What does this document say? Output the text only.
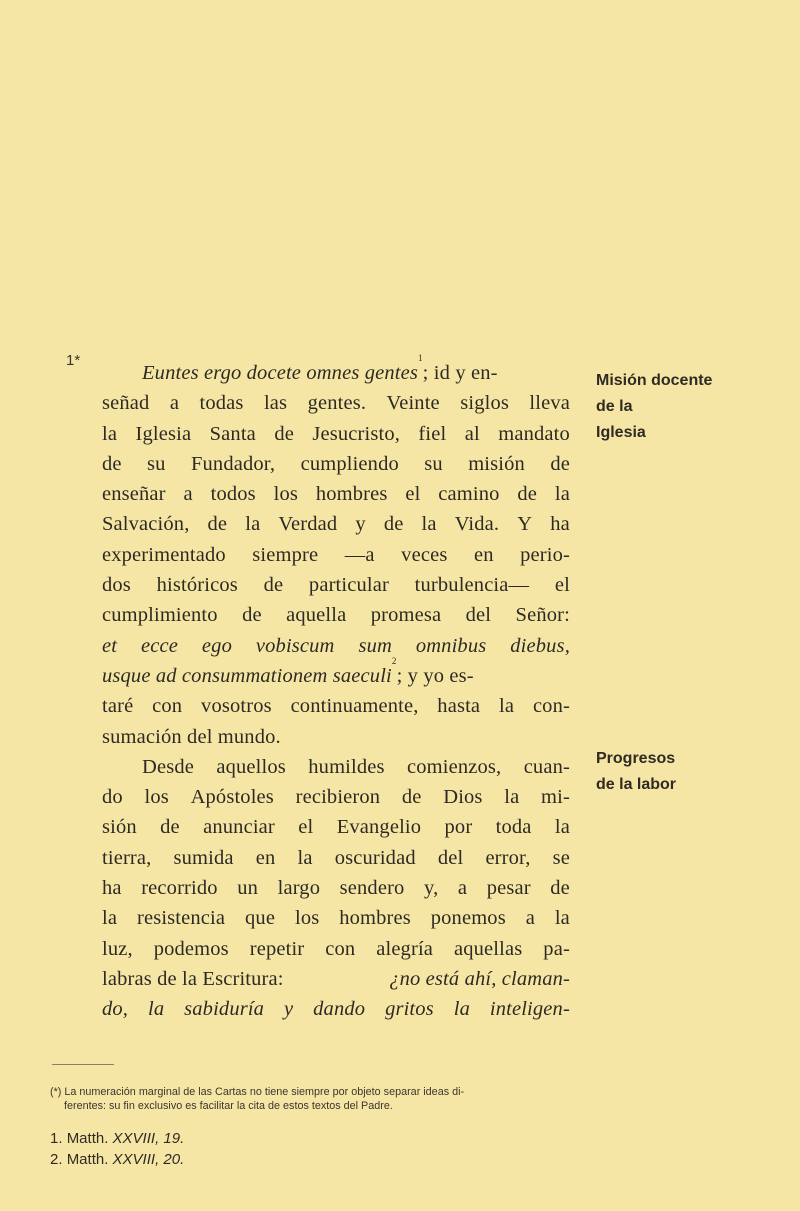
1*
Euntes ergo docete omnes gentes
1
; id y en-
señad a todas las gentes. Veinte siglos lleva
la Iglesia Santa de Jesucristo, fiel al mandato
de su Fundador, cumpliendo su misión de
enseñar a todos los hombres el camino de la
Salvación, de la Verdad y de la Vida. Y ha
experimentado siempre —a veces en perio-
dos históricos de particular turbulencia— el
cumplimiento de aquella promesa del Señor:
et ecce ego vobiscum sum omnibus diebus,
usque ad consummationem saeculi
2
; y yo es-
taré con vosotros continuamente, hasta la con-
sumación del mundo.
Desde aquellos humildes comienzos, cuan-
do los Apóstoles recibieron de Dios la mi-
sión de anunciar el Evangelio por toda la
tierra, sumida en la oscuridad del error, se
ha recorrido un largo sendero y, a pesar de
la resistencia que los hombres ponemos a la
luz, podemos repetir con alegría aquellas pa-
labras de la Escritura:	¿no está ahí, claman-
do, la sabiduría y dando gritos la inteligen-
Misión docente
de la
Iglesia
Progresos
de la labor
(*) La numeración marginal de las Cartas no tiene siempre por objeto separar ideas di-
ferentes: su fin exclusivo es facilitar la cita de estos textos del Padre.
1. Matth. XXVIII, 19.
2. Matth. XXVIII, 20.
